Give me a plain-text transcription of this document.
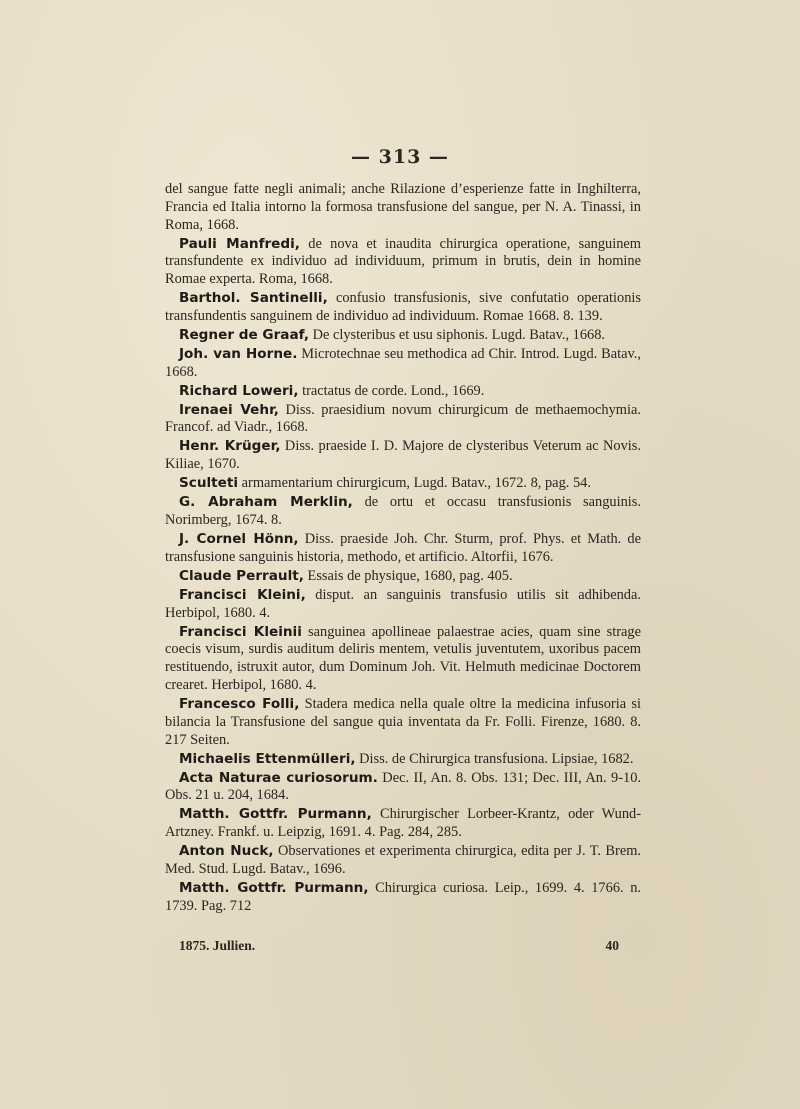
— 313 —

del sangue fatte negli animali; anche Rilazione d’esperienze fatte in Inghilterra, Francia ed Italia intorno la formosa transfusione del sangue, per N. A. Tinassi, in Roma, 1668.

Pauli Manfredi, de nova et inaudita chirurgica operatione, sanguinem transfundente ex individuo ad individuum, primum in brutis, dein in homine Romae experta. Roma, 1668.

Barthol. Santinelli, confusio transfusionis, sive confutatio operationis transfundentis sanguinem de individuo ad individuum. Romae 1668. 8. 139.

Regner de Graaf, De clysteribus et usu siphonis. Lugd. Batav., 1668.

Joh. van Horne. Microtechnae seu methodica ad Chir. Introd. Lugd. Batav., 1668.

Richard Loweri, tractatus de corde. Lond., 1669.

Irenaei Vehr, Diss. praesidium novum chirurgicum de methaemochymia. Francof. ad Viadr., 1668.

Henr. Krüger, Diss. praeside I. D. Majore de clysteribus Veterum ac Novis. Kiliae, 1670.

Sculteti armamentarium chirurgicum, Lugd. Batav., 1672. 8, pag. 54.

G. Abraham Merklin, de ortu et occasu transfusionis sanguinis. Norimberg, 1674. 8.

J. Cornel Hönn, Diss. praeside Joh. Chr. Sturm, prof. Phys. et Math. de transfusione sanguinis historia, methodo, et artificio. Altorfii, 1676.

Claude Perrault, Essais de physique, 1680, pag. 405.

Francisci Kleini, disput. an sanguinis transfusio utilis sit adhibenda. Herbipol, 1680. 4.

Francisci Kleinii sanguinea apollineae palaestrae acies, quam sine strage coecis visum, surdis auditum deliris mentem, vetulis juventutem, uxoribus pacem restituendo, istruxit autor, dum Dominum Joh. Vit. Helmuth medicinae Doctorem crearet. Herbipol, 1680. 4.

Francesco Folli, Stadera medica nella quale oltre la medicina infusoria si bilancia la Transfusione del sangue quia inventata da Fr. Folli. Firenze, 1680. 8. 217 Seiten.

Michaelis Ettenmülleri, Diss. de Chirurgica transfusiona. Lipsiae, 1682.

Acta Naturae curiosorum. Dec. II, An. 8. Obs. 131; Dec. III, An. 9-10. Obs. 21 u. 204, 1684.

Matth. Gottfr. Purmann, Chirurgischer Lorbeer-Krantz, oder Wund-Artzney. Frankf. u. Leipzig, 1691. 4. Pag. 284, 285.

Anton Nuck, Observationes et experimenta chirurgica, edita per J. T. Brem. Med. Stud. Lugd. Batav., 1696.

Matth. Gottfr. Purmann, Chirurgica curiosa. Leip., 1699. 4. 1766. n. 1739. Pag. 712

1875. Jullien.	40
